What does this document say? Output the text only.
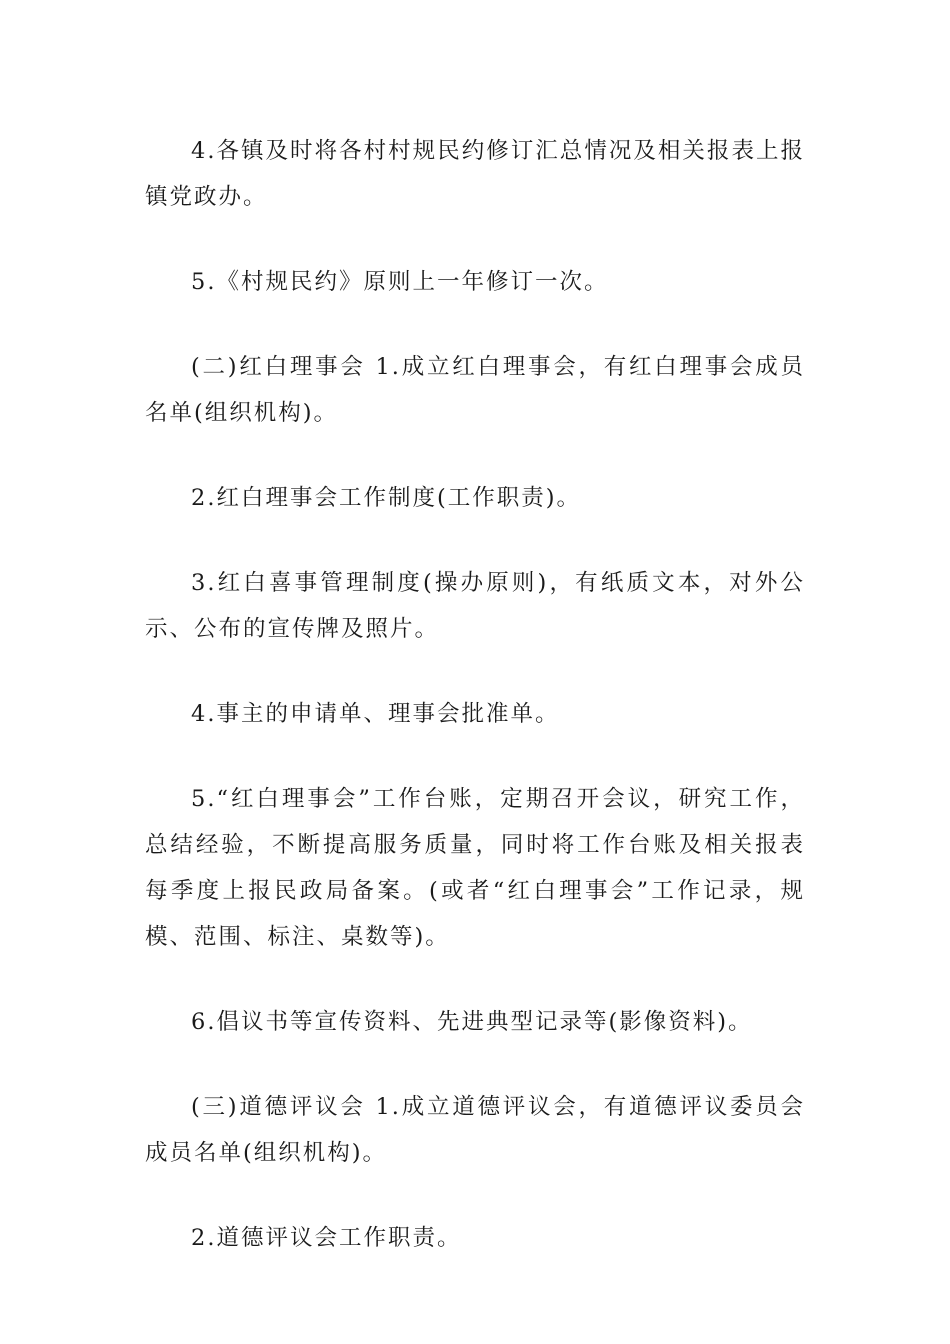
4.各镇及时将各村村规民约修订汇总情况及相关报表上报镇党政办。

5.《村规民约》原则上一年修订一次。

(二)红白理事会 1.成立红白理事会，有红白理事会成员名单(组织机构)。

2.红白理事会工作制度(工作职责)。

3.红白喜事管理制度(操办原则)，有纸质文本，对外公示、公布的宣传牌及照片。

4.事主的申请单、理事会批准单。

5.“红白理事会”工作台账，定期召开会议，研究工作，总结经验，不断提高服务质量，同时将工作台账及相关报表每季度上报民政局备案。(或者“红白理事会”工作记录，规模、范围、标注、桌数等)。

6.倡议书等宣传资料、先进典型记录等(影像资料)。

(三)道德评议会 1.成立道德评议会，有道德评议委员会成员名单(组织机构)。

2.道德评议会工作职责。
